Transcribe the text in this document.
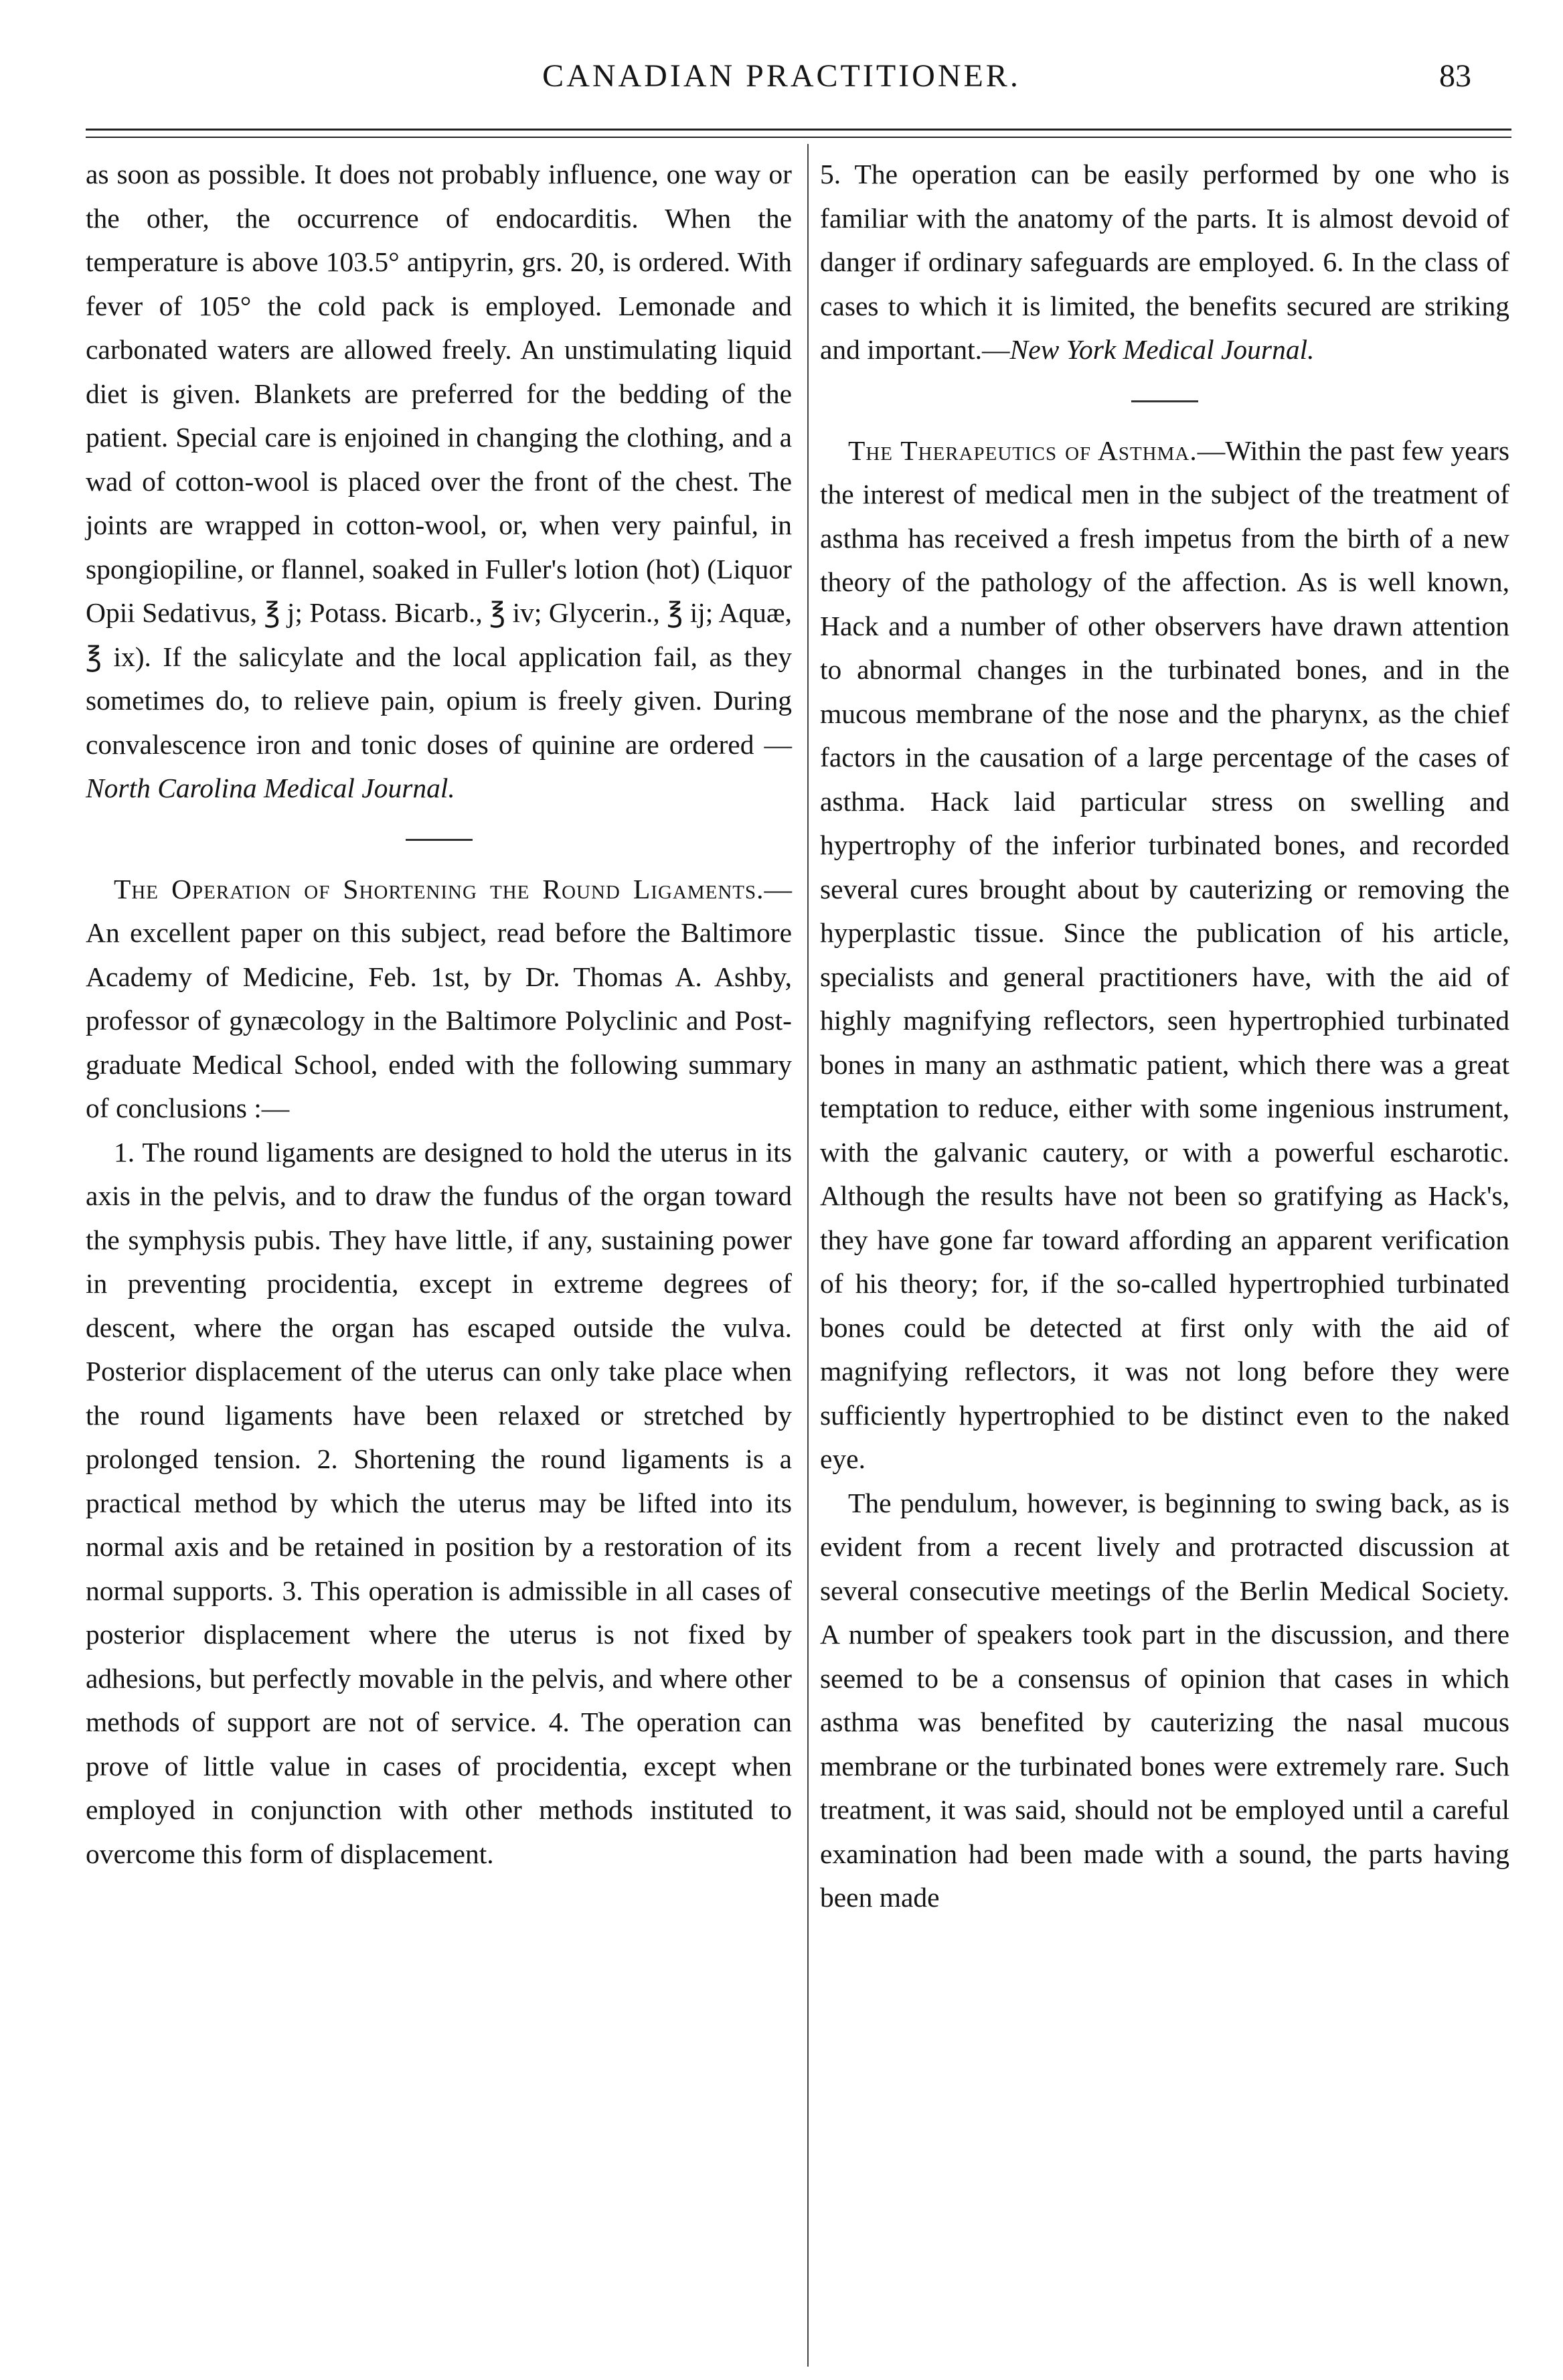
CANADIAN PRACTITIONER.	83

as soon as possible. It does not probably influence, one way or the other, the occurrence of endocarditis. When the temperature is above 103.5° antipyrin, grs. 20, is ordered. With fever of 105° the cold pack is employed. Lemonade and carbonated waters are allowed freely. An unstimulating liquid diet is given. Blankets are preferred for the bedding of the patient. Special care is enjoined in changing the clothing, and a wad of cotton-wool is placed over the front of the chest. The joints are wrapped in cotton-wool, or, when very painful, in spongiopiline, or flannel, soaked in Fuller's lotion (hot) (Liquor Opii Sedativus, ℥ j; Potass. Bicarb., ℥ iv; Glycerin., ℥ ij; Aquæ, ℥ ix). If the salicylate and the local application fail, as they sometimes do, to relieve pain, opium is freely given. During convalescence iron and tonic doses of quinine are ordered —North Carolina Medical Journal.

The Operation of Shortening the Round Ligaments.—An excellent paper on this subject, read before the Baltimore Academy of Medicine, Feb. 1st, by Dr. Thomas A. Ashby, professor of gynæcology in the Baltimore Polyclinic and Post-graduate Medical School, ended with the following summary of conclusions :—

1. The round ligaments are designed to hold the uterus in its axis in the pelvis, and to draw the fundus of the organ toward the symphysis pubis. They have little, if any, sustaining power in preventing procidentia, except in extreme degrees of descent, where the organ has escaped outside the vulva. Posterior displacement of the uterus can only take place when the round ligaments have been relaxed or stretched by prolonged tension. 2. Shortening the round ligaments is a practical method by which the uterus may be lifted into its normal axis and be retained in position by a restoration of its normal supports. 3. This operation is admissible in all cases of posterior displacement where the uterus is not fixed by adhesions, but perfectly movable in the pelvis, and where other methods of support are not of service. 4. The operation can prove of little value in cases of procidentia, except when employed in conjunction with other methods instituted to overcome this form of displacement.

5. The operation can be easily performed by one who is familiar with the anatomy of the parts. It is almost devoid of danger if ordinary safeguards are employed. 6. In the class of cases to which it is limited, the benefits secured are striking and important.—New York Medical Journal.

The Therapeutics of Asthma.—Within the past few years the interest of medical men in the subject of the treatment of asthma has received a fresh impetus from the birth of a new theory of the pathology of the affection. As is well known, Hack and a number of other observers have drawn attention to abnormal changes in the turbinated bones, and in the mucous membrane of the nose and the pharynx, as the chief factors in the causation of a large percentage of the cases of asthma. Hack laid particular stress on swelling and hypertrophy of the inferior turbinated bones, and recorded several cures brought about by cauterizing or removing the hyperplastic tissue. Since the publication of his article, specialists and general practitioners have, with the aid of highly magnifying reflectors, seen hypertrophied turbinated bones in many an asthmatic patient, which there was a great temptation to reduce, either with some ingenious instrument, with the galvanic cautery, or with a powerful escharotic. Although the results have not been so gratifying as Hack's, they have gone far toward affording an apparent verification of his theory; for, if the so-called hypertrophied turbinated bones could be detected at first only with the aid of magnifying reflectors, it was not long before they were sufficiently hypertrophied to be distinct even to the naked eye.

The pendulum, however, is beginning to swing back, as is evident from a recent lively and protracted discussion at several consecutive meetings of the Berlin Medical Society. A number of speakers took part in the discussion, and there seemed to be a consensus of opinion that cases in which asthma was benefited by cauterizing the nasal mucous membrane or the turbinated bones were extremely rare. Such treatment, it was said, should not be employed until a careful examination had been made with a sound, the parts having been made
